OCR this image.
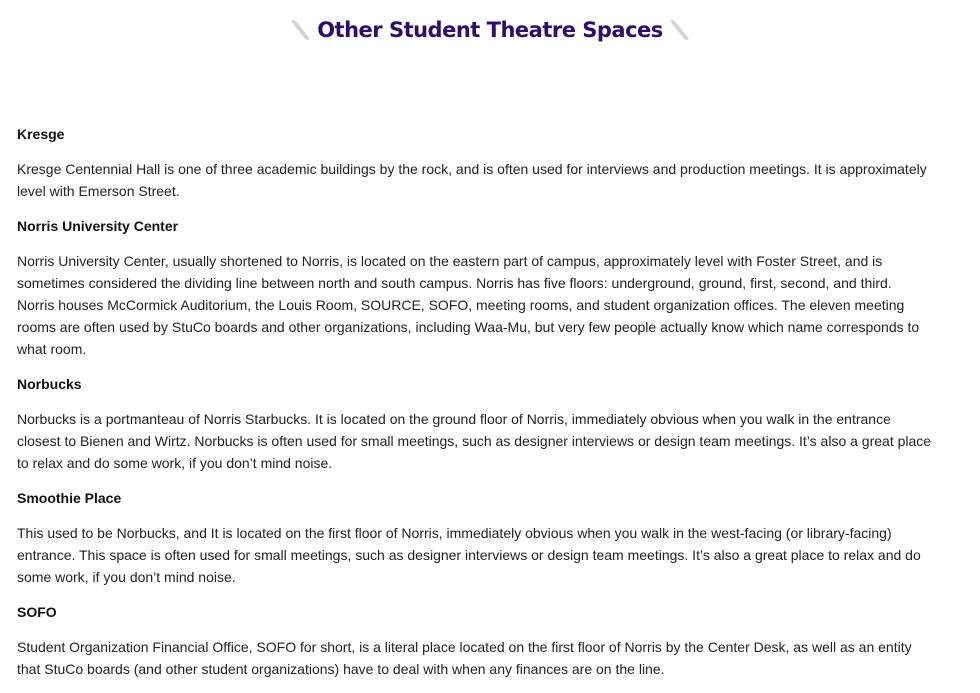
Other Student Theatre Spaces
Kresge

Kresge Centennial Hall is one of three academic buildings by the rock, and is often used for interviews and production meetings. It is approximately level with Emerson Street.

Norris University Center

Norris University Center, usually shortened to Norris, is located on the eastern part of campus, approximately level with Foster Street, and is sometimes considered the dividing line between north and south campus. Norris has five floors: underground, ground, first, second, and third. Norris houses McCormick Auditorium, the Louis Room, SOURCE, SOFO, meeting rooms, and student organization offices. The eleven meeting rooms are often used by StuCo boards and other organizations, including Waa-Mu, but very few people actually know which name corresponds to what room.

Norbucks

Norbucks is a portmanteau of Norris Starbucks. It is located on the ground floor of Norris, immediately obvious when you walk in the entrance closest to Bienen and Wirtz. Norbucks is often used for small meetings, such as designer interviews or design team meetings. It’s also a great place to relax and do some work, if you don’t mind noise.

Smoothie Place

This used to be Norbucks, and It is located on the first floor of Norris, immediately obvious when you walk in the west-facing (or library-facing) entrance. This space is often used for small meetings, such as designer interviews or design team meetings. It’s also a great place to relax and do some work, if you don’t mind noise.

SOFO

Student Organization Financial Office, SOFO for short, is a literal place located on the first floor of Norris by the Center Desk, as well as an entity that StuCo boards (and other student organizations) have to deal with when any finances are on the line.
